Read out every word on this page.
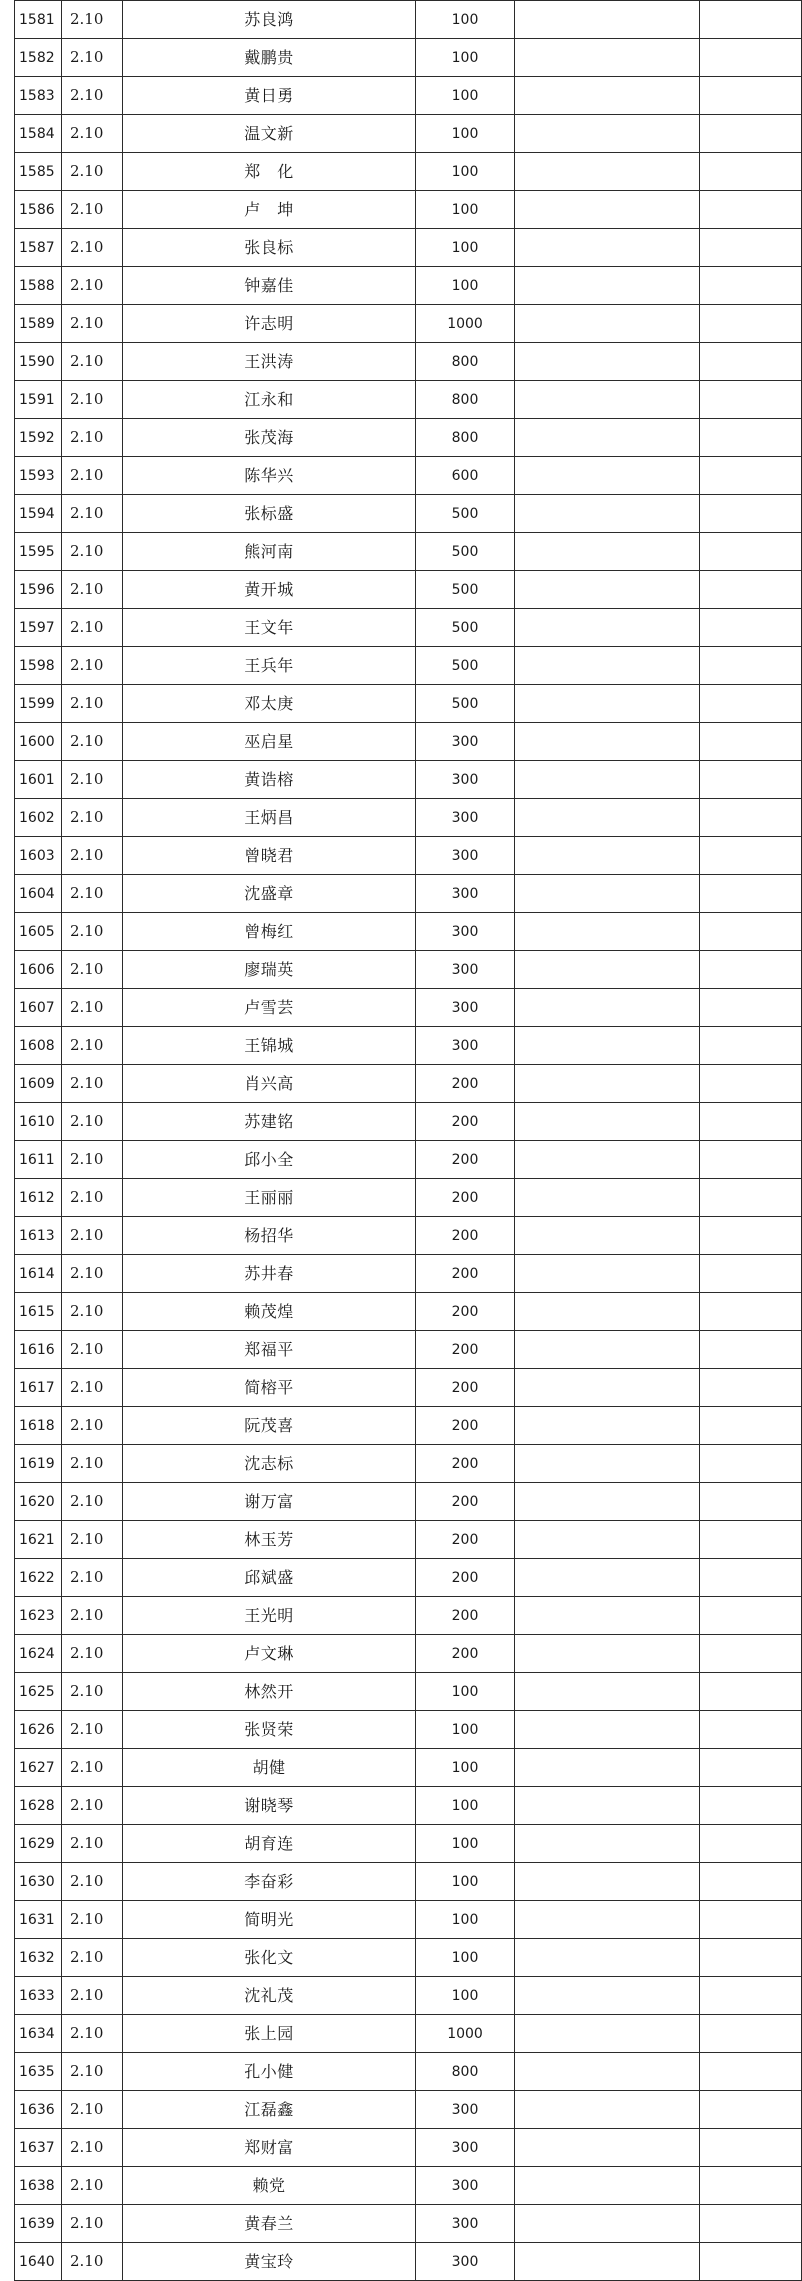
1581	2.10	苏良鸿	100		
1582	2.10	戴鹏贵	100		
1583	2.10	黄日勇	100		
1584	2.10	温文新	100		
1585	2.10	郑　化	100		
1586	2.10	卢　坤	100		
1587	2.10	张良标	100		
1588	2.10	钟嘉佳	100		
1589	2.10	许志明	1000		
1590	2.10	王洪涛	800		
1591	2.10	江永和	800		
1592	2.10	张茂海	800		
1593	2.10	陈华兴	600		
1594	2.10	张标盛	500		
1595	2.10	熊河南	500		
1596	2.10	黄开城	500		
1597	2.10	王文年	500		
1598	2.10	王兵年	500		
1599	2.10	邓太庚	500		
1600	2.10	巫启星	300		
1601	2.10	黄诰榕	300		
1602	2.10	王炳昌	300		
1603	2.10	曾晓君	300		
1604	2.10	沈盛章	300		
1605	2.10	曾梅红	300		
1606	2.10	廖瑞英	300		
1607	2.10	卢雪芸	300		
1608	2.10	王锦城	300		
1609	2.10	肖兴高	200		
1610	2.10	苏建铭	200		
1611	2.10	邱小全	200		
1612	2.10	王丽丽	200		
1613	2.10	杨招华	200		
1614	2.10	苏井春	200		
1615	2.10	赖茂煌	200		
1616	2.10	郑福平	200		
1617	2.10	简榕平	200		
1618	2.10	阮茂喜	200		
1619	2.10	沈志标	200		
1620	2.10	谢万富	200		
1621	2.10	林玉芳	200		
1622	2.10	邱斌盛	200		
1623	2.10	王光明	200		
1624	2.10	卢文琳	200		
1625	2.10	林然开	100		
1626	2.10	张贤荣	100		
1627	2.10	胡健	100		
1628	2.10	谢晓琴	100		
1629	2.10	胡育连	100		
1630	2.10	李奋彩	100		
1631	2.10	简明光	100		
1632	2.10	张化文	100		
1633	2.10	沈礼茂	100		
1634	2.10	张上园	1000		
1635	2.10	孔小健	800		
1636	2.10	江磊鑫	300		
1637	2.10	郑财富	300		
1638	2.10	赖党	300		
1639	2.10	黄春兰	300		
1640	2.10	黄宝玲	300		
